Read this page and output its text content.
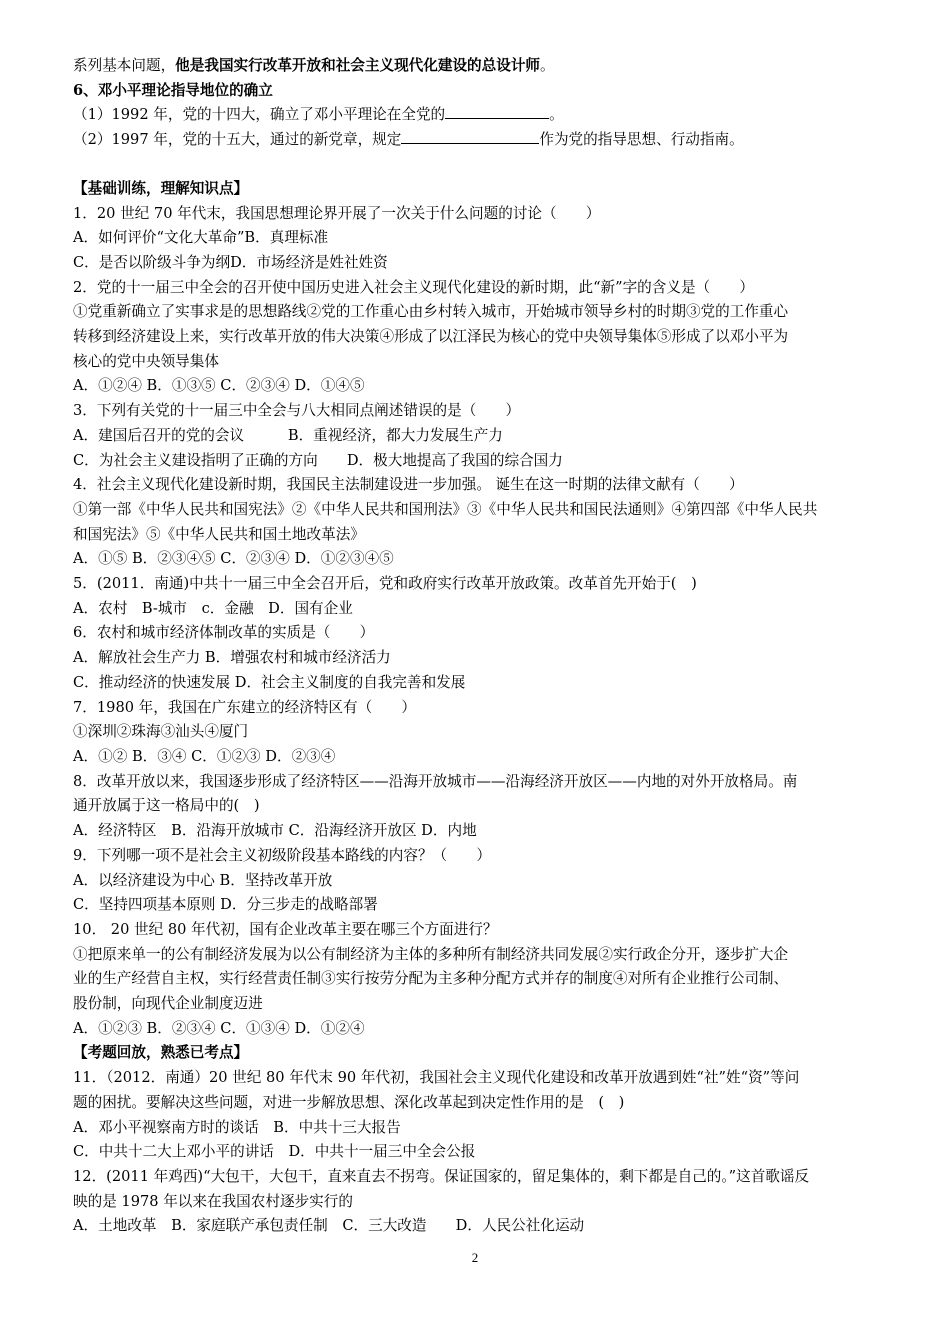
系列基本问题，他是我国实行改革开放和社会主义现代化建设的总设计师。
6、邓小平理论指导地位的确立
（1）1992 年，党的十四大，确立了邓小平理论在全党的	。
（2）1997 年，党的十五大，通过的新党章，规定	作为党的指导思想、行动指南。
【基础训练，理解知识点】
1．20 世纪 70 年代末，我国思想理论界开展了一次关于什么问题的讨论（　　）
A．如何评价“文化大革命”B．真理标准
C．是否以阶级斗争为纲D．市场经济是姓社姓资
2．党的十一届三中全会的召开使中国历史进入社会主义现代化建设的新时期，此“新”字的含义是（　　）
①党重新确立了实事求是的思想路线②党的工作重心由乡村转入城市，开始城市领导乡村的时期③党的工作重心
转移到经济建设上来，实行改革开放的伟大决策④形成了以江泽民为核心的党中央领导集体⑤形成了以邓小平为
核心的党中央领导集体
A．①②④ B．①③⑤ C．②③④ D．①④⑤
3．下列有关党的十一届三中全会与八大相同点阐述错误的是（　　）
A．建国后召开的党的会议　　　B．重视经济，都大力发展生产力
C．为社会主义建设指明了正确的方向　　D．极大地提高了我国的综合国力
4．社会主义现代化建设新时期，我国民主法制建设进一步加强。 诞生在这一时期的法律文献有（　　）
①第一部《中华人民共和国宪法》②《中华人民共和国刑法》③《中华人民共和国民法通则》④第四部《中华人民共
和国宪法》⑤《中华人民共和国土地改革法》
A．①⑤ B．②③④⑤ C．②③④ D．①②③④⑤
5．(2011．南通)中共十一届三中全会召开后，党和政府实行改革开放政策。改革首先开始于(　)
A．农村　B-城市　c．金融　D．国有企业
6．农村和城市经济体制改革的实质是（　　）
A．解放社会生产力 B．增强农村和城市经济活力
C．推动经济的快速发展 D．社会主义制度的自我完善和发展
7．1980 年，我国在广东建立的经济特区有（　　）
①深圳②珠海③汕头④厦门
A．①② B．③④ C．①②③ D．②③④
8．改革开放以来，我国逐步形成了经济特区——沿海开放城市——沿海经济开放区——内地的对外开放格局。南
通开放属于这一格局中的(　)
A．经济特区　B．沿海开放城市 C．沿海经济开放区 D．内地
9．下列哪一项不是社会主义初级阶段基本路线的内容？（　　）
A．以经济建设为中心 B．坚持改革开放
C．坚持四项基本原则 D．分三步走的战略部署
10． 20 世纪 80 年代初，国有企业改革主要在哪三个方面进行？
①把原来单一的公有制经济发展为以公有制经济为主体的多种所有制经济共同发展②实行政企分开，逐步扩大企
业的生产经营自主权，实行经营责任制③实行按劳分配为主多种分配方式并存的制度④对所有企业推行公司制、
股份制，向现代企业制度迈进
A．①②③ B．②③④ C．①③④ D．①②④
【考题回放，熟悉已考点】
11．（2012．南通）20 世纪 80 年代末 90 年代初，我国社会主义现代化建设和改革开放遇到姓“社”姓“资”等问
题的困扰。要解决这些问题，对进一步解放思想、深化改革起到决定性作用的是　(　)
A．邓小平视察南方时的谈话　B．中共十三大报告
C．中共十二大上邓小平的讲话　D．中共十一届三中全会公报
12．(2011 年鸡西)“大包干，大包干，直来直去不拐弯。保证国家的，留足集体的，剩下都是自己的。”这首歌谣反
映的是 1978 年以来在我国农村逐步实行的
A．土地改革　B．家庭联产承包责任制　C．三大改造　　D．人民公社化运动
2
